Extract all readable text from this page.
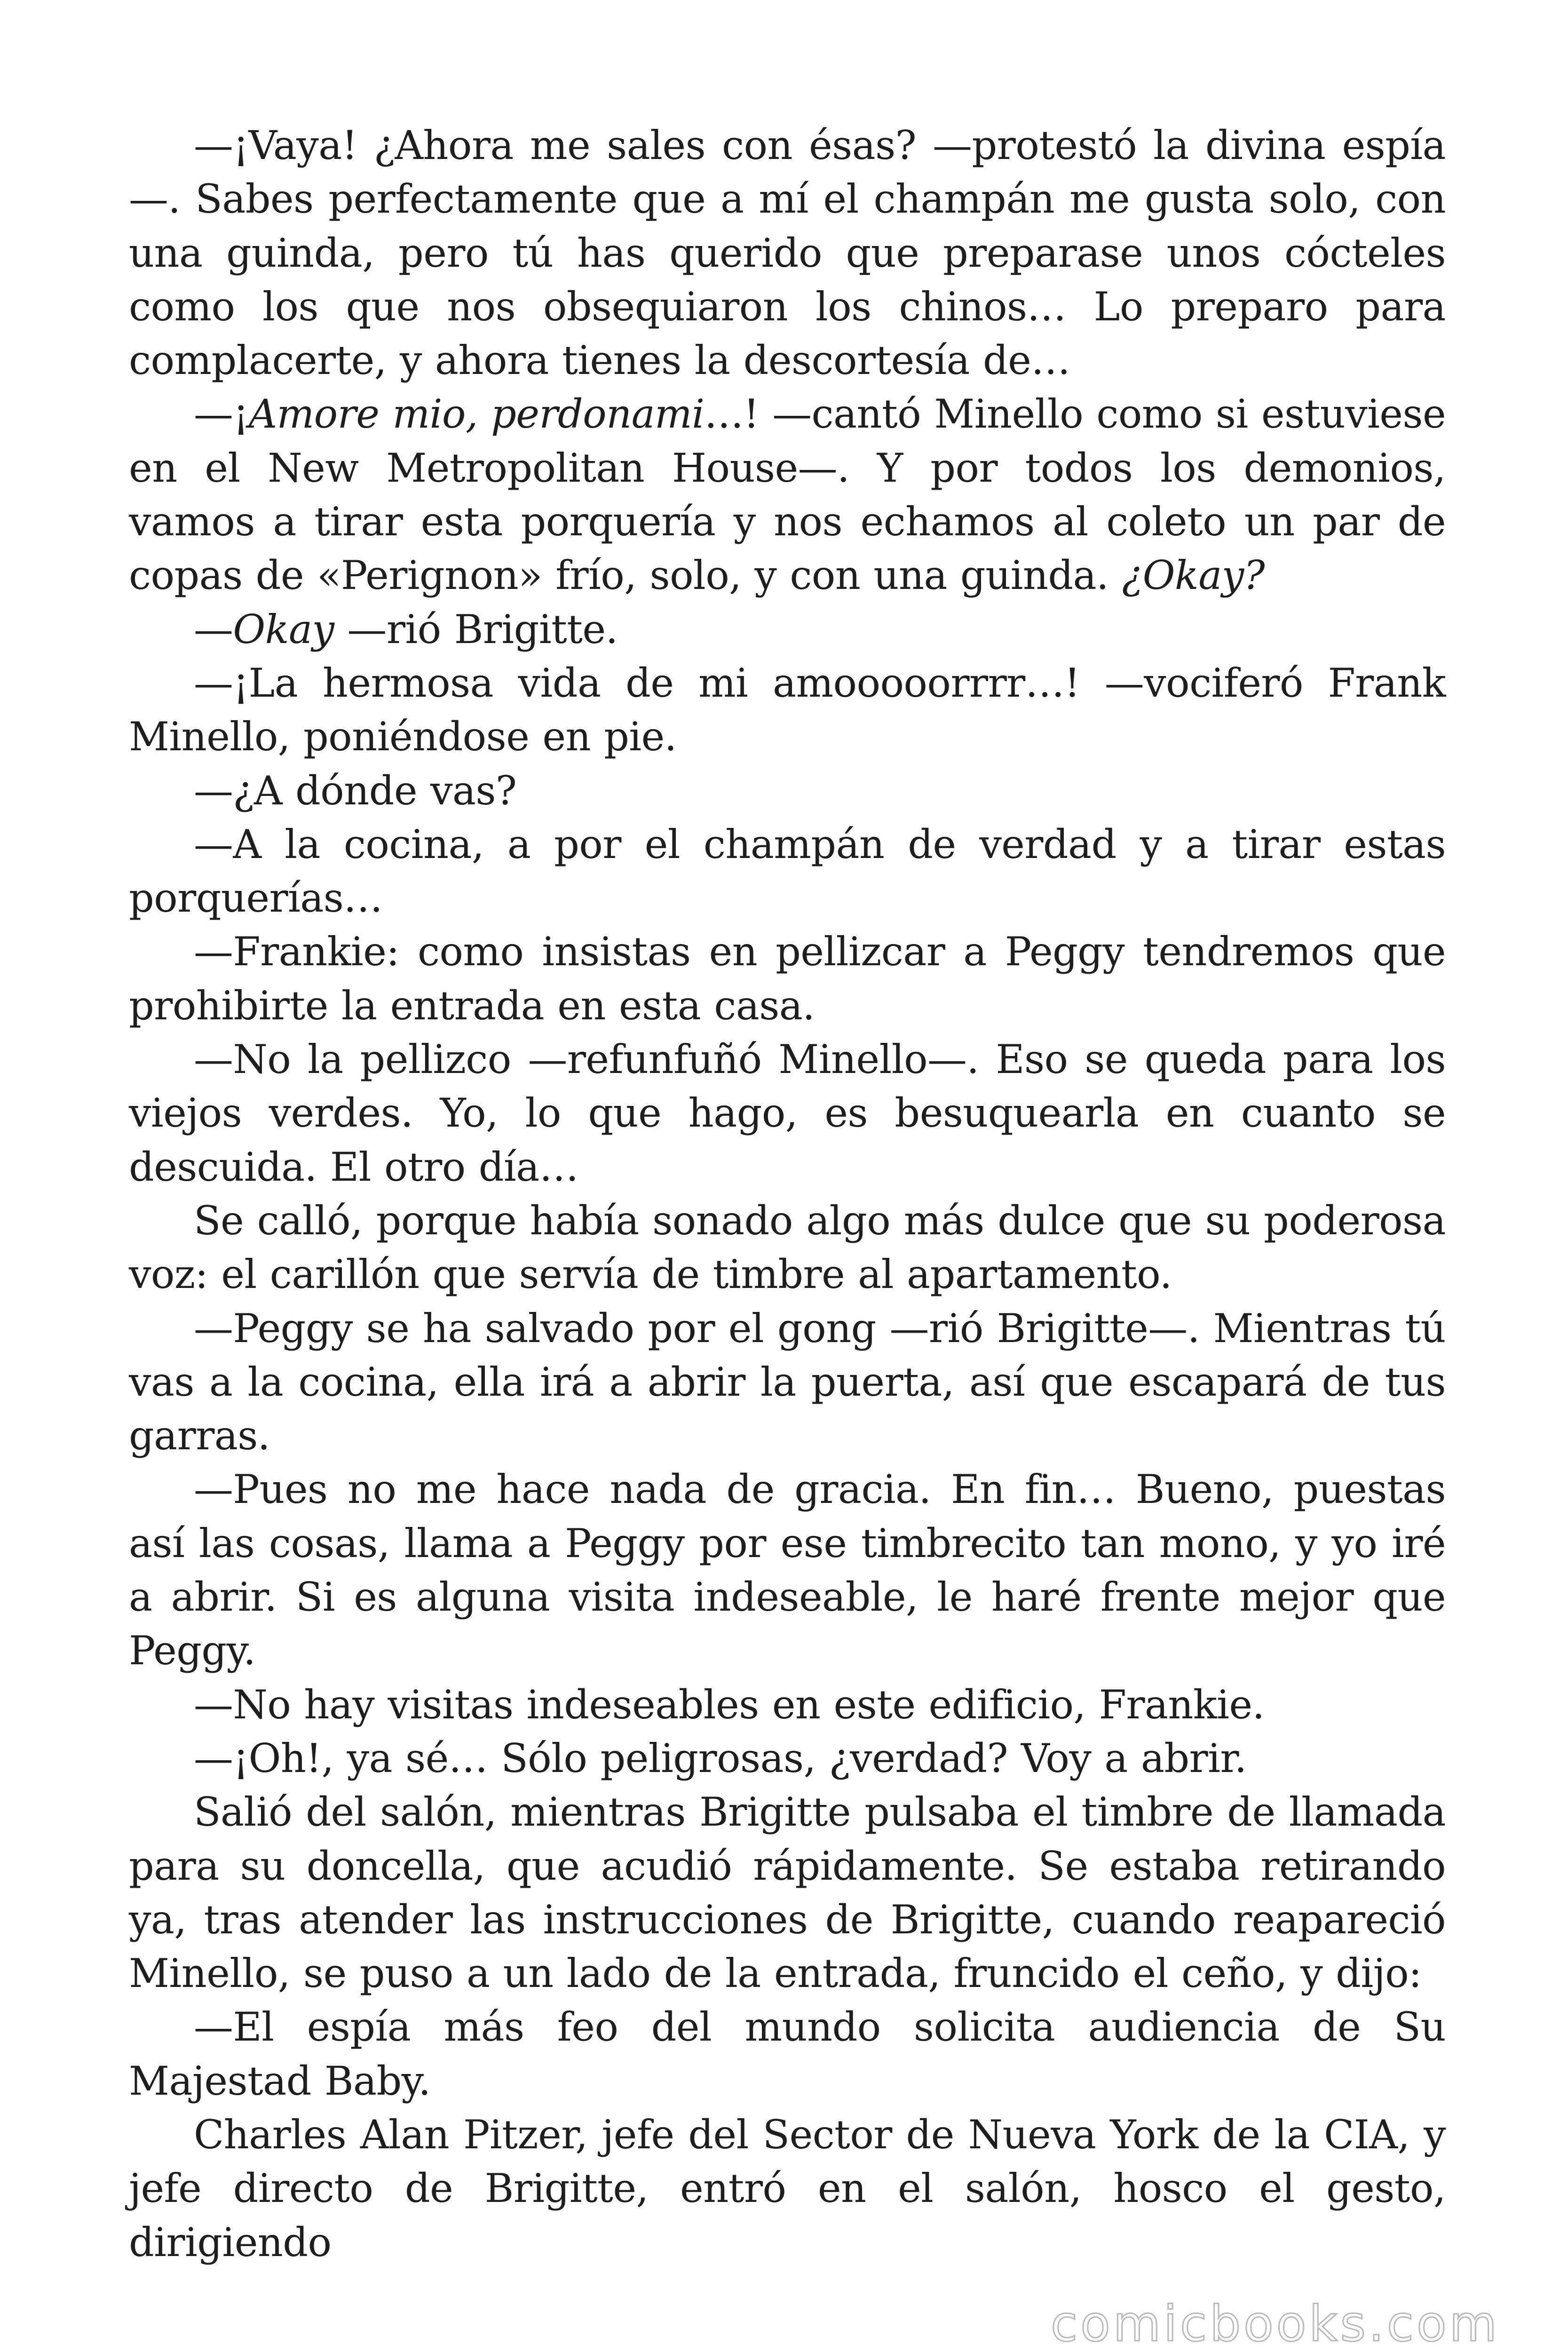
—¡Vaya! ¿Ahora me sales con ésas? —protestó la divina espía—. Sabes perfectamente que a mí el champán me gusta solo, con una guinda, pero tú has querido que preparase unos cócteles como los que nos obsequiaron los chinos… Lo preparo para complacerte, y ahora tienes la descortesía de…

—¡Amore mio, perdonami…! —cantó Minello como si estuviese en el New Metropolitan House—. Y por todos los demonios, vamos a tirar esta porquería y nos echamos al coleto un par de copas de «Perignon» frío, solo, y con una guinda. ¿Okay?

—Okay —rió Brigitte.

—¡La hermosa vida de mi amooooorrrr…! —vociferó Frank Minello, poniéndose en pie.

—¿A dónde vas?

—A la cocina, a por el champán de verdad y a tirar estas porquerías…

—Frankie: como insistas en pellizcar a Peggy tendremos que prohibirte la entrada en esta casa.

—No la pellizco —refunfuñó Minello—. Eso se queda para los viejos verdes. Yo, lo que hago, es besuquearla en cuanto se descuida. El otro día…

Se calló, porque había sonado algo más dulce que su poderosa voz: el carillón que servía de timbre al apartamento.

—Peggy se ha salvado por el gong —rió Brigitte—. Mientras tú vas a la cocina, ella irá a abrir la puerta, así que escapará de tus garras.

—Pues no me hace nada de gracia. En fin… Bueno, puestas así las cosas, llama a Peggy por ese timbrecito tan mono, y yo iré a abrir. Si es alguna visita indeseable, le haré frente mejor que Peggy.

—No hay visitas indeseables en este edificio, Frankie.

—¡Oh!, ya sé… Sólo peligrosas, ¿verdad? Voy a abrir.

Salió del salón, mientras Brigitte pulsaba el timbre de llamada para su doncella, que acudió rápidamente. Se estaba retirando ya, tras atender las instrucciones de Brigitte, cuando reapareció Minello, se puso a un lado de la entrada, fruncido el ceño, y dijo:

—El espía más feo del mundo solicita audiencia de Su Majestad Baby.

Charles Alan Pitzer, jefe del Sector de Nueva York de la CIA, y jefe directo de Brigitte, entró en el salón, hosco el gesto, dirigiendo

comicbooks.com
